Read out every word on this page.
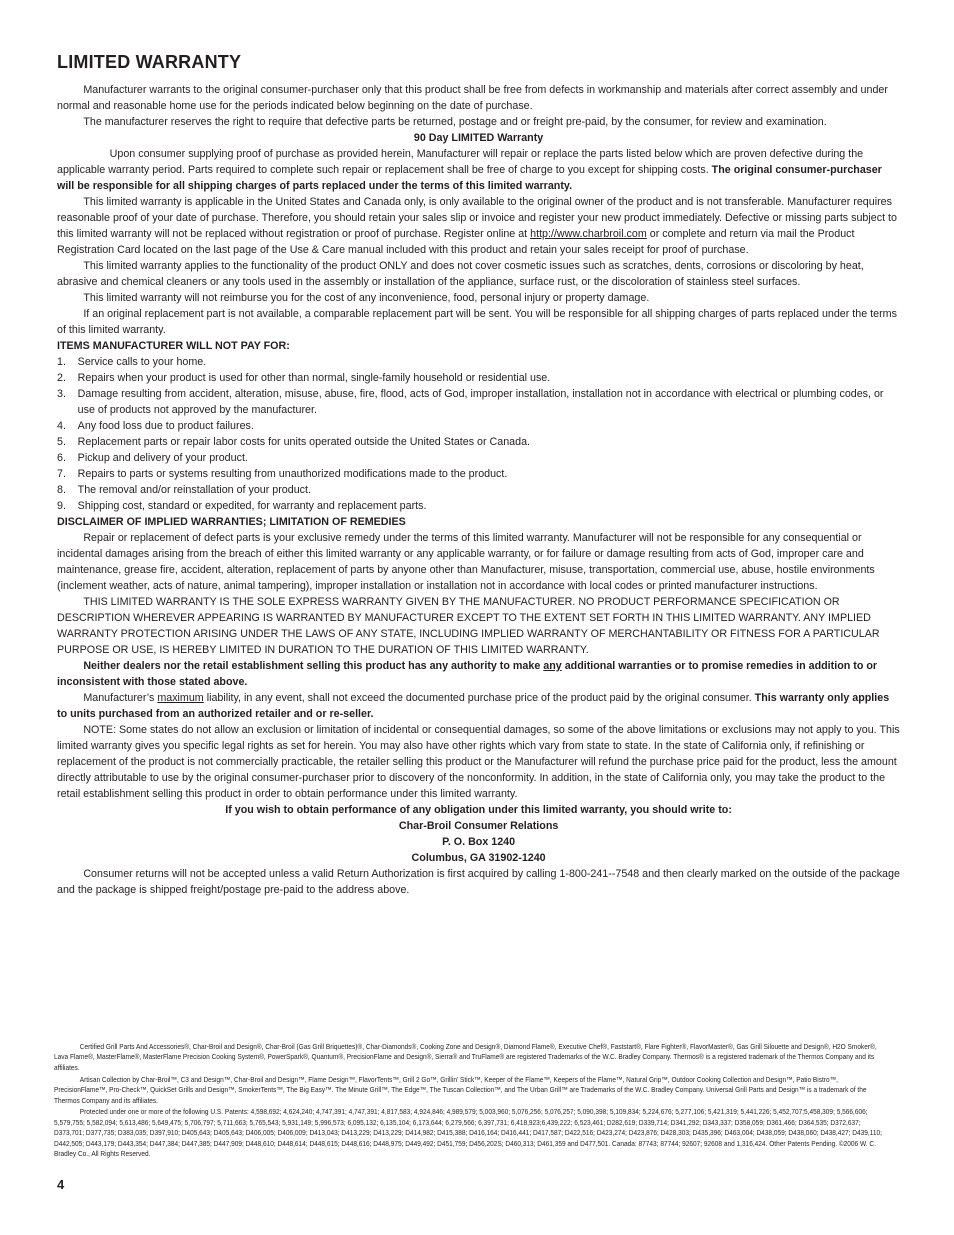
LIMITED WARRANTY

Manufacturer warrants to the original consumer-purchaser only that this product shall be free from defects in workmanship and materials after correct assembly and under normal and reasonable home use for the periods indicated below beginning on the date of purchase.

The manufacturer reserves the right to require that defective parts be returned, postage and or freight pre-paid, by the consumer, for review and examination.

90 Day LIMITED Warranty

Upon consumer supplying proof of purchase as provided herein, Manufacturer will repair or replace the parts listed below which are proven defective during the applicable warranty period. Parts required to complete such repair or replacement shall be free of charge to you except for shipping costs. The original consumer-purchaser will be responsible for all shipping charges of parts replaced under the terms of this limited warranty.

This limited warranty is applicable in the United States and Canada only, is only available to the original owner of the product and is not transferable. Manufacturer requires reasonable proof of your date of purchase. Therefore, you should retain your sales slip or invoice and register your new product immediately. Defective or missing parts subject to this limited warranty will not be replaced without registration or proof of purchase. Register online at http://www.charbroil.com or complete and return via mail the Product Registration Card located on the last page of the Use & Care manual included with this product and retain your sales receipt for proof of purchase.

This limited warranty applies to the functionality of the product ONLY and does not cover cosmetic issues such as scratches, dents, corrosions or discoloring by heat, abrasive and chemical cleaners or any tools used in the assembly or installation of the appliance, surface rust, or the discoloration of stainless steel surfaces.

This limited warranty will not reimburse you for the cost of any inconvenience, food, personal injury or property damage.

If an original replacement part is not available, a comparable replacement part will be sent. You will be responsible for all shipping charges of parts replaced under the terms of this limited warranty.

ITEMS MANUFACTURER WILL NOT PAY FOR:

1. Service calls to your home.
2. Repairs when your product is used for other than normal, single-family household or residential use.
3. Damage resulting from accident, alteration, misuse, abuse, fire, flood, acts of God, improper installation, installation not in accordance with electrical or plumbing codes, or use of products not approved by the manufacturer.
4. Any food loss due to product failures.
5. Replacement parts or repair labor costs for units operated outside the United States or Canada.
6. Pickup and delivery of your product.
7. Repairs to parts or systems resulting from unauthorized modifications made to the product.
8. The removal and/or reinstallation of your product.
9. Shipping cost, standard or expedited, for warranty and replacement parts.

DISCLAIMER OF IMPLIED WARRANTIES; LIMITATION OF REMEDIES

Repair or replacement of defect parts is your exclusive remedy under the terms of this limited warranty. Manufacturer will not be responsible for any consequential or incidental damages arising from the breach of either this limited warranty or any applicable warranty, or for failure or damage resulting from acts of God, improper care and maintenance, grease fire, accident, alteration, replacement of parts by anyone other than Manufacturer, misuse, transportation, commercial use, abuse, hostile environments (inclement weather, acts of nature, animal tampering), improper installation or installation not in accordance with local codes or printed manufacturer instructions.

THIS LIMITED WARRANTY IS THE SOLE EXPRESS WARRANTY GIVEN BY THE MANUFACTURER. NO PRODUCT PERFORMANCE SPECIFICATION OR DESCRIPTION WHEREVER APPEARING IS WARRANTED BY MANUFACTURER EXCEPT TO THE EXTENT SET FORTH IN THIS LIMITED WARRANTY. ANY IMPLIED WARRANTY PROTECTION ARISING UNDER THE LAWS OF ANY STATE, INCLUDING IMPLIED WARRANTY OF MERCHANTABILITY OR FITNESS FOR A PARTICULAR PURPOSE OR USE, IS HEREBY LIMITED IN DURATION TO THE DURATION OF THIS LIMITED WARRANTY.

Neither dealers nor the retail establishment selling this product has any authority to make any additional warranties or to promise remedies in addition to or inconsistent with those stated above.

Manufacturer’s maximum liability, in any event, shall not exceed the documented purchase price of the product paid by the original consumer. This warranty only applies to units purchased from an authorized retailer and or re-seller.

NOTE: Some states do not allow an exclusion or limitation of incidental or consequential damages, so some of the above limitations or exclusions may not apply to you. This limited warranty gives you specific legal rights as set for herein. You may also have other rights which vary from state to state. In the state of California only, if refinishing or replacement of the product is not commercially practicable, the retailer selling this product or the Manufacturer will refund the purchase price paid for the product, less the amount directly attributable to use by the original consumer-purchaser prior to discovery of the nonconformity. In addition, in the state of California only, you may take the product to the retail establishment selling this product in order to obtain performance under this limited warranty.

If you wish to obtain performance of any obligation under this limited warranty, you should write to:

Char-Broil Consumer Relations

P. O. Box 1240

Columbus, GA 31902-1240

Consumer returns will not be accepted unless a valid Return Authorization is first acquired by calling 1-800-241--7548 and then clearly marked on the outside of the package and the package is shipped freight/postage pre-paid to the address above.

Certified Grill Parts And Accessories®, Char-Broil and Design®, Char-Broil (Gas Grill Briquettes)®, Char-Diamonds®, Cooking Zone and Design®, Diamond Flame®, Executive Chef®, Faststart®, Flare Fighter®, FlavorMaster®, Gas Grill Silouette and Design®, H2O Smoker®, Lava Flame®, MasterFlame®, MasterFlame Precision Cooking System®, PowerSpark®, Quantum®, PrecisionFlame and Design®, Sierra® and TruFlame® are registered Trademarks of the W.C. Bradley Company. Thermos® is a registered trademark of the Thermos Company and its affiliates.

Artisan Collection by Char-Broil™, C3 and Design™, Char-Broil and Design™, Flame Design™, FlavorTents™, Grill 2 Go™, Grillin’ Stick™, Keeper of the Flame™, Keepers of the Flame™, Natural Grip™, Outdoor Cooking Collection and Design™, Patio Bistro™, PrecisionFlame™, Pro-Check™, QuickSet Grills and Design™, SmokerTents™, The Big Easy™. The Minute Grill™, The Edge™, The Tuscan Collection™, and The Urban Grill™ are Trademarks of the W.C. Bradley Company. Universal Grill Parts and Design™ is a trademark of the Thermos Company and its affiliates.

Protected under one or more of the following U.S. Patents: 4,598,692; 4,624,240; 4,747,391; 4,747,391; 4,817,583; 4,924,846; 4,989,579; 5,003,960; 5,076,256; 5,076,257; 5,090,398; 5,109,834; 5,224,676; 5,277,106; 5,421,319; 5,441,226; 5,452,707;5,458,309; 5,566,606; 5,579,755; 5,582,094; 5,613,486; 5,649,475; 5,706,797; 5,711,663; 5,765,543; 5,931,149; 5,996,573; 6,095,132; 6,135,104; 6,173,644; 6,279,566; 6,397,731; 6,418,923;6,439,222; 6,523,461; D282,619; D339,714; D341,292; D343,337; D358,059; D361,466; D364,535; D372,637; D373,701; D377,735; D383,035; D397,910; D405,643; D405,643; D406,005; D406,009; D413,043; D413,229; D413,229; D414,982; D415,388; D416,164; D416,441; D417,587; D422,516; D423,274; D423,876; D428,303; D435,396; D463,004; D438,059; D438,060; D438,427; D439,110; D442,505; D443,179; D443,354; D447,384; D447,385; D447,909; D448,610; D448,614; D448,615; D448,616; D448,975; D449,492; D451,759; D456,202S; D460,313; D461,359 and D477,501. Canada: 87743; 87744; 92607; 92608 and 1,316,424. Other Patents Pending. ©2006 W. C. Bradley Co., All Rights Reserved.

4
